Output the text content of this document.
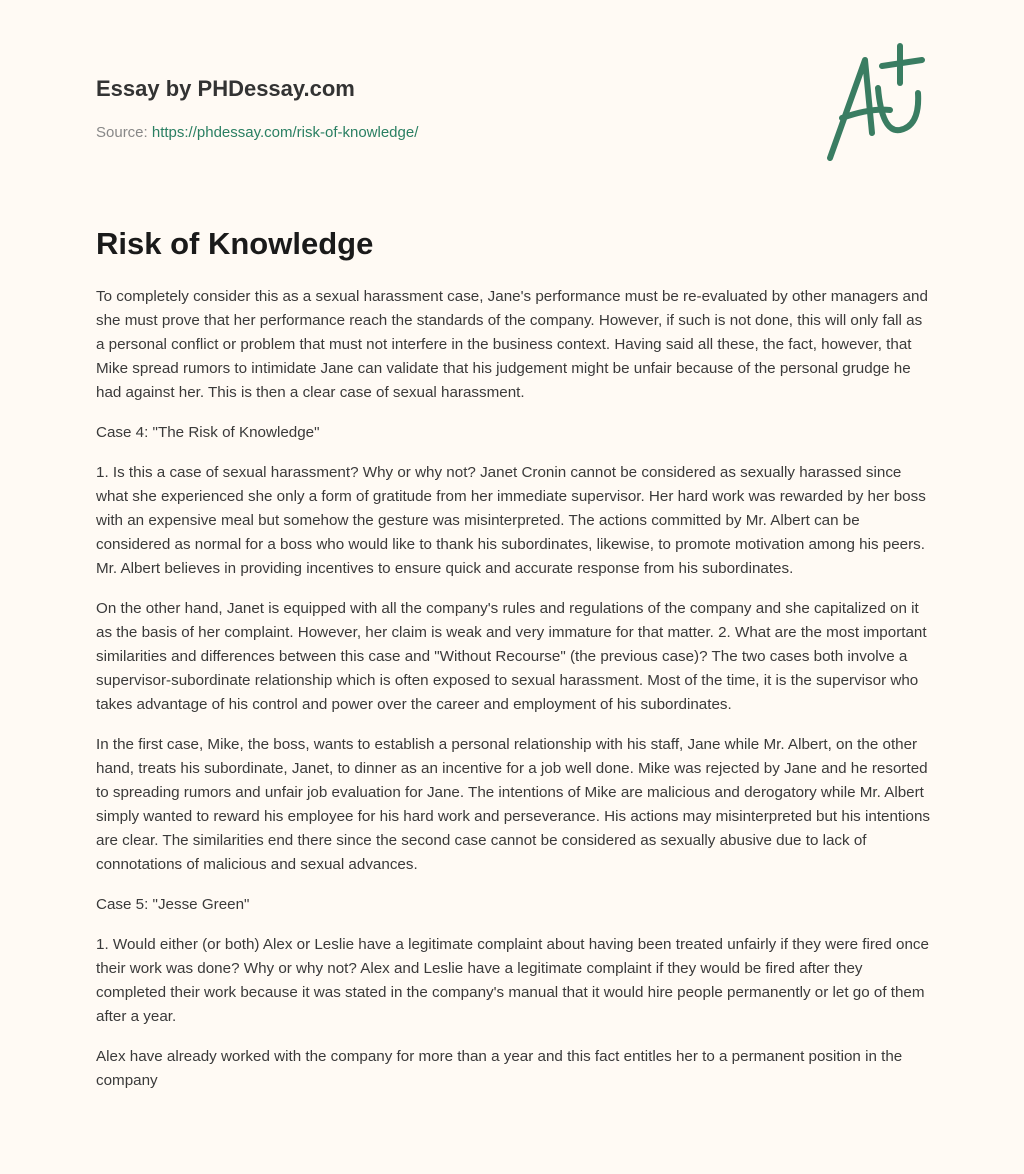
Essay by PHDessay.com
Source: https://phdessay.com/risk-of-knowledge/
Risk of Knowledge

To completely consider this as a sexual harassment case, Jane's performance must be re-evaluated by other managers and she must prove that her performance reach the standards of the company. However, if such is not done, this will only fall as a personal conflict or problem that must not interfere in the business context. Having said all these, the fact, however, that Mike spread rumors to intimidate Jane can validate that his judgement might be unfair because of the personal grudge he had against her. This is then a clear case of sexual harassment.

Case 4: "The Risk of Knowledge"

1. Is this a case of sexual harassment? Why or why not? Janet Cronin cannot be considered as sexually harassed since what she experienced she only a form of gratitude from her immediate supervisor. Her hard work was rewarded by her boss with an expensive meal but somehow the gesture was misinterpreted. The actions committed by Mr. Albert can be considered as normal for a boss who would like to thank his subordinates, likewise, to promote motivation among his peers. Mr. Albert believes in providing incentives to ensure quick and accurate response from his subordinates.

On the other hand, Janet is equipped with all the company's rules and regulations of the company and she capitalized on it as the basis of her complaint. However, her claim is weak and very immature for that matter. 2. What are the most important similarities and differences between this case and "Without Recourse" (the previous case)? The two cases both involve a supervisor-subordinate relationship which is often exposed to sexual harassment. Most of the time, it is the supervisor who takes advantage of his control and power over the career and employment of his subordinates.

In the first case, Mike, the boss, wants to establish a personal relationship with his staff, Jane while Mr. Albert, on the other hand, treats his subordinate, Janet, to dinner as an incentive for a job well done. Mike was rejected by Jane and he resorted to spreading rumors and unfair job evaluation for Jane. The intentions of Mike are malicious and derogatory while Mr. Albert simply wanted to reward his employee for his hard work and perseverance. His actions may misinterpreted but his intentions are clear. The similarities end there since the second case cannot be considered as sexually abusive due to lack of connotations of malicious and sexual advances.

Case 5: "Jesse Green"

1. Would either (or both) Alex or Leslie have a legitimate complaint about having been treated unfairly if they were fired once their work was done? Why or why not? Alex and Leslie have a legitimate complaint if they would be fired after they completed their work because it was stated in the company's manual that it would hire people permanently or let go of them after a year.

Alex have already worked with the company for more than a year and this fact entitles her to a permanent position in the company
